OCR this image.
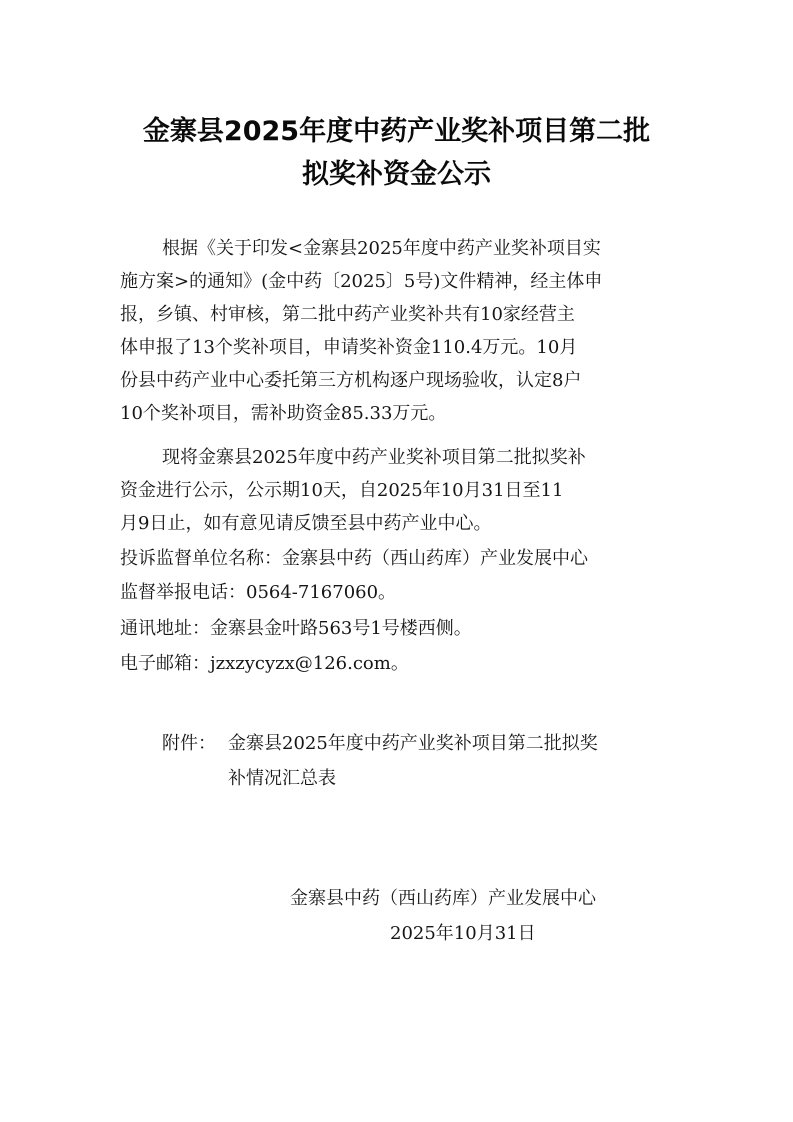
金寨县2025年度中药产业奖补项目第二批
拟奖补资金公示
根据《关于印发<金寨县2025年度中药产业奖补项目实
施方案>的通知》(金中药〔2025〕5号)文件精神，经主体申
报，乡镇、村审核，第二批中药产业奖补共有10家经营主
体申报了13个奖补项目，申请奖补资金110.4万元。10月
份县中药产业中心委托第三方机构逐户现场验收，认定8户
10个奖补项目，需补助资金85.33万元。
现将金寨县2025年度中药产业奖补项目第二批拟奖补
资金进行公示，公示期10天，自2025年10月31日至11
月9日止，如有意见请反馈至县中药产业中心。
投诉监督单位名称：金寨县中药（西山药库）产业发展中心
监督举报电话：0564-7167060。
通讯地址：金寨县金叶路563号1号楼西侧。
电子邮箱：jzxzycyzx@126.com。
附件： 金寨县2025年度中药产业奖补项目第二批拟奖
补情况汇总表
金寨县中药（西山药库）产业发展中心
2025年10月31日
